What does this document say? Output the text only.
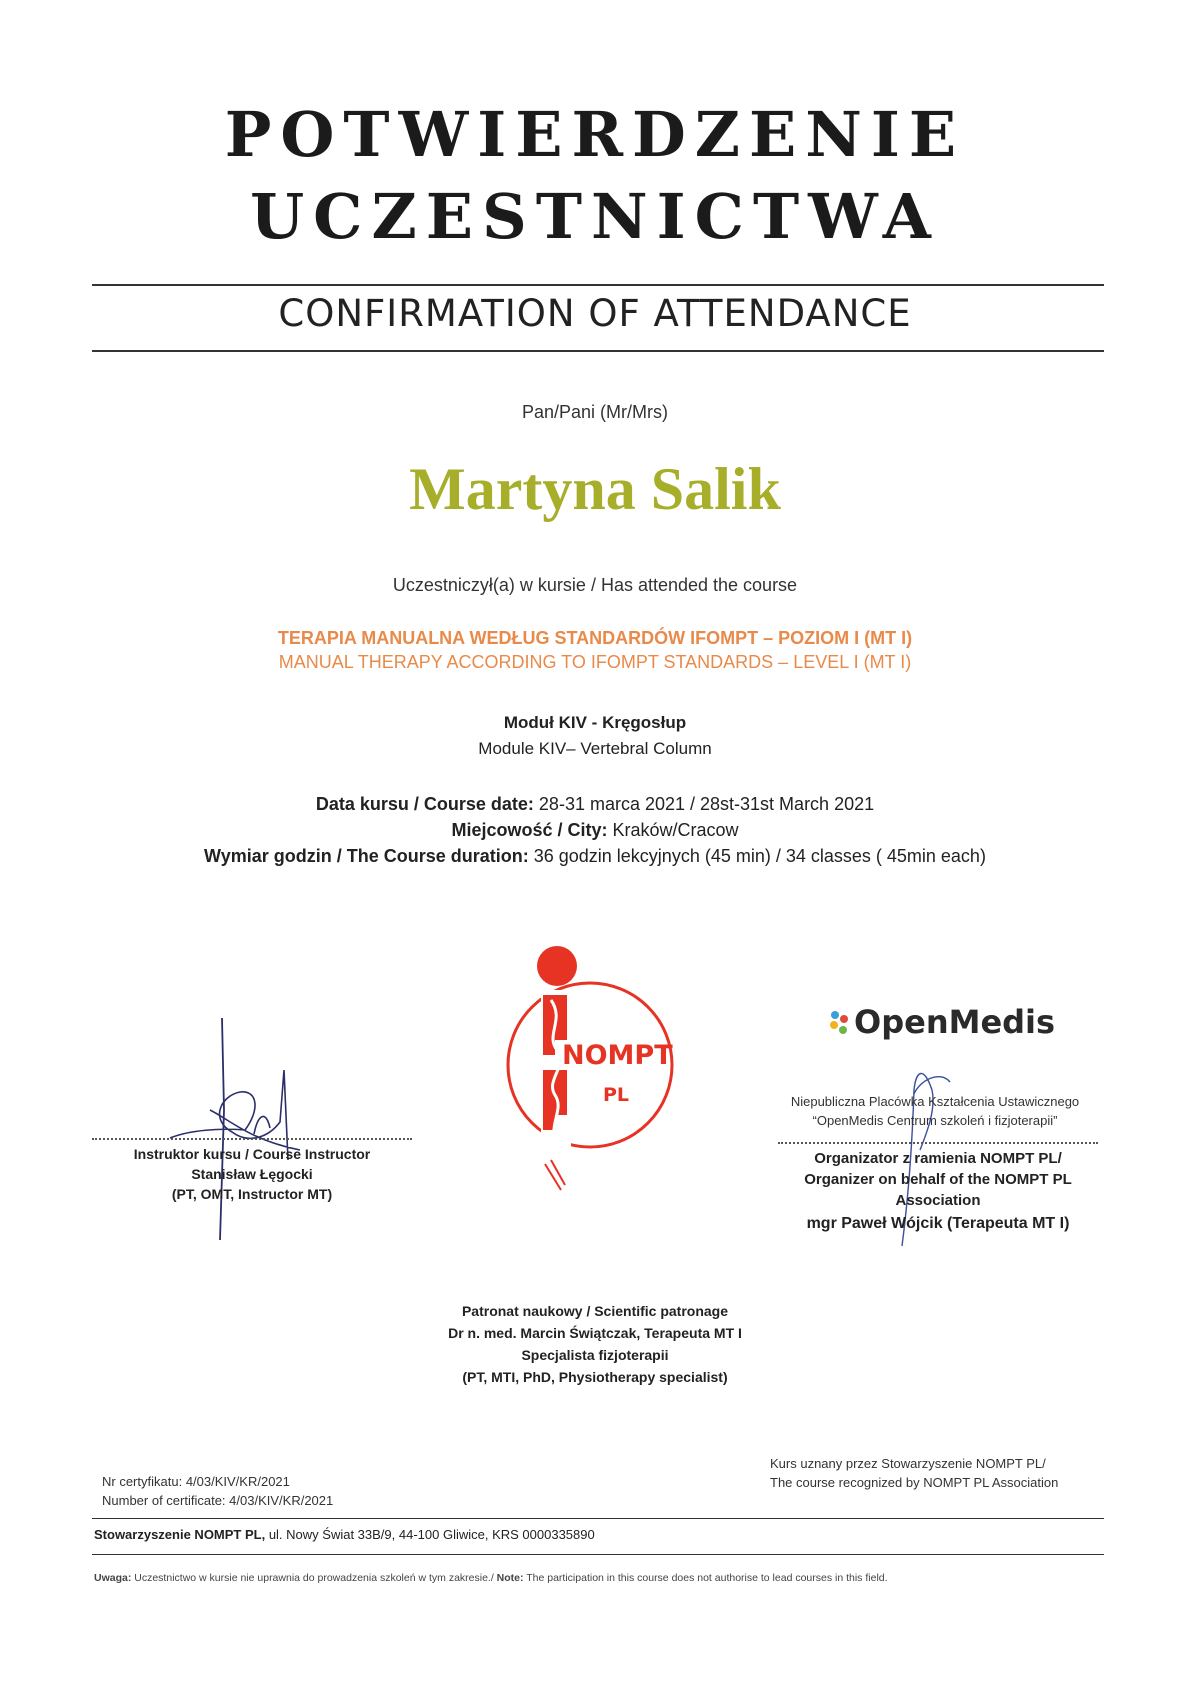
POTWIERDZENIE
UCZESTNICTWA
CONFIRMATION OF ATTENDANCE
Pan/Pani (Mr/Mrs)
Martyna Salik
Uczestniczył(a) w kursie / Has attended the course
TERAPIA MANUALNA WEDŁUG STANDARDÓW IFOMPT – POZIOM I (MT I)
MANUAL THERAPY ACCORDING TO IFOMPT STANDARDS – LEVEL I (MT I)
Moduł KIV - Kręgosłup
Module KIV– Vertebral Column
Data kursu / Course date: 28-31 marca 2021 / 28st-31st March 2021
Miejcowość / City: Kraków/Cracow
Wymiar godzin / The Course duration: 36 godzin lekcyjnych (45 min) / 34 classes ( 45min each)
Instruktor kursu / Course Instructor
Stanisław Łęgocki
(PT, OMT, Instructor MT)
NOMPT
PL
OpenMedis
Niepubliczna Placówka Kształcenia Ustawicznego
“OpenMedis Centrum szkoleń i fizjoterapii”
Organizator z ramienia NOMPT PL/
Organizer on behalf of the NOMPT PL
Association
mgr Paweł Wójcik (Terapeuta MT I)
Patronat naukowy / Scientific patronage
Dr n. med. Marcin Świątczak, Terapeuta MT I
Specjalista fizjoterapii
(PT, MTI, PhD, Physiotherapy specialist)
Nr certyfikatu: 4/03/KIV/KR/2021
Number of certificate: 4/03/KIV/KR/2021
Kurs uznany przez Stowarzyszenie NOMPT PL/
The course recognized by NOMPT PL Association
Stowarzyszenie NOMPT PL, ul. Nowy Świat 33B/9, 44-100 Gliwice, KRS 0000335890
Uwaga: Uczestnictwo w kursie nie uprawnia do prowadzenia szkoleń w tym zakresie./ Note: The participation in this course does not authorise to lead courses in this field.
